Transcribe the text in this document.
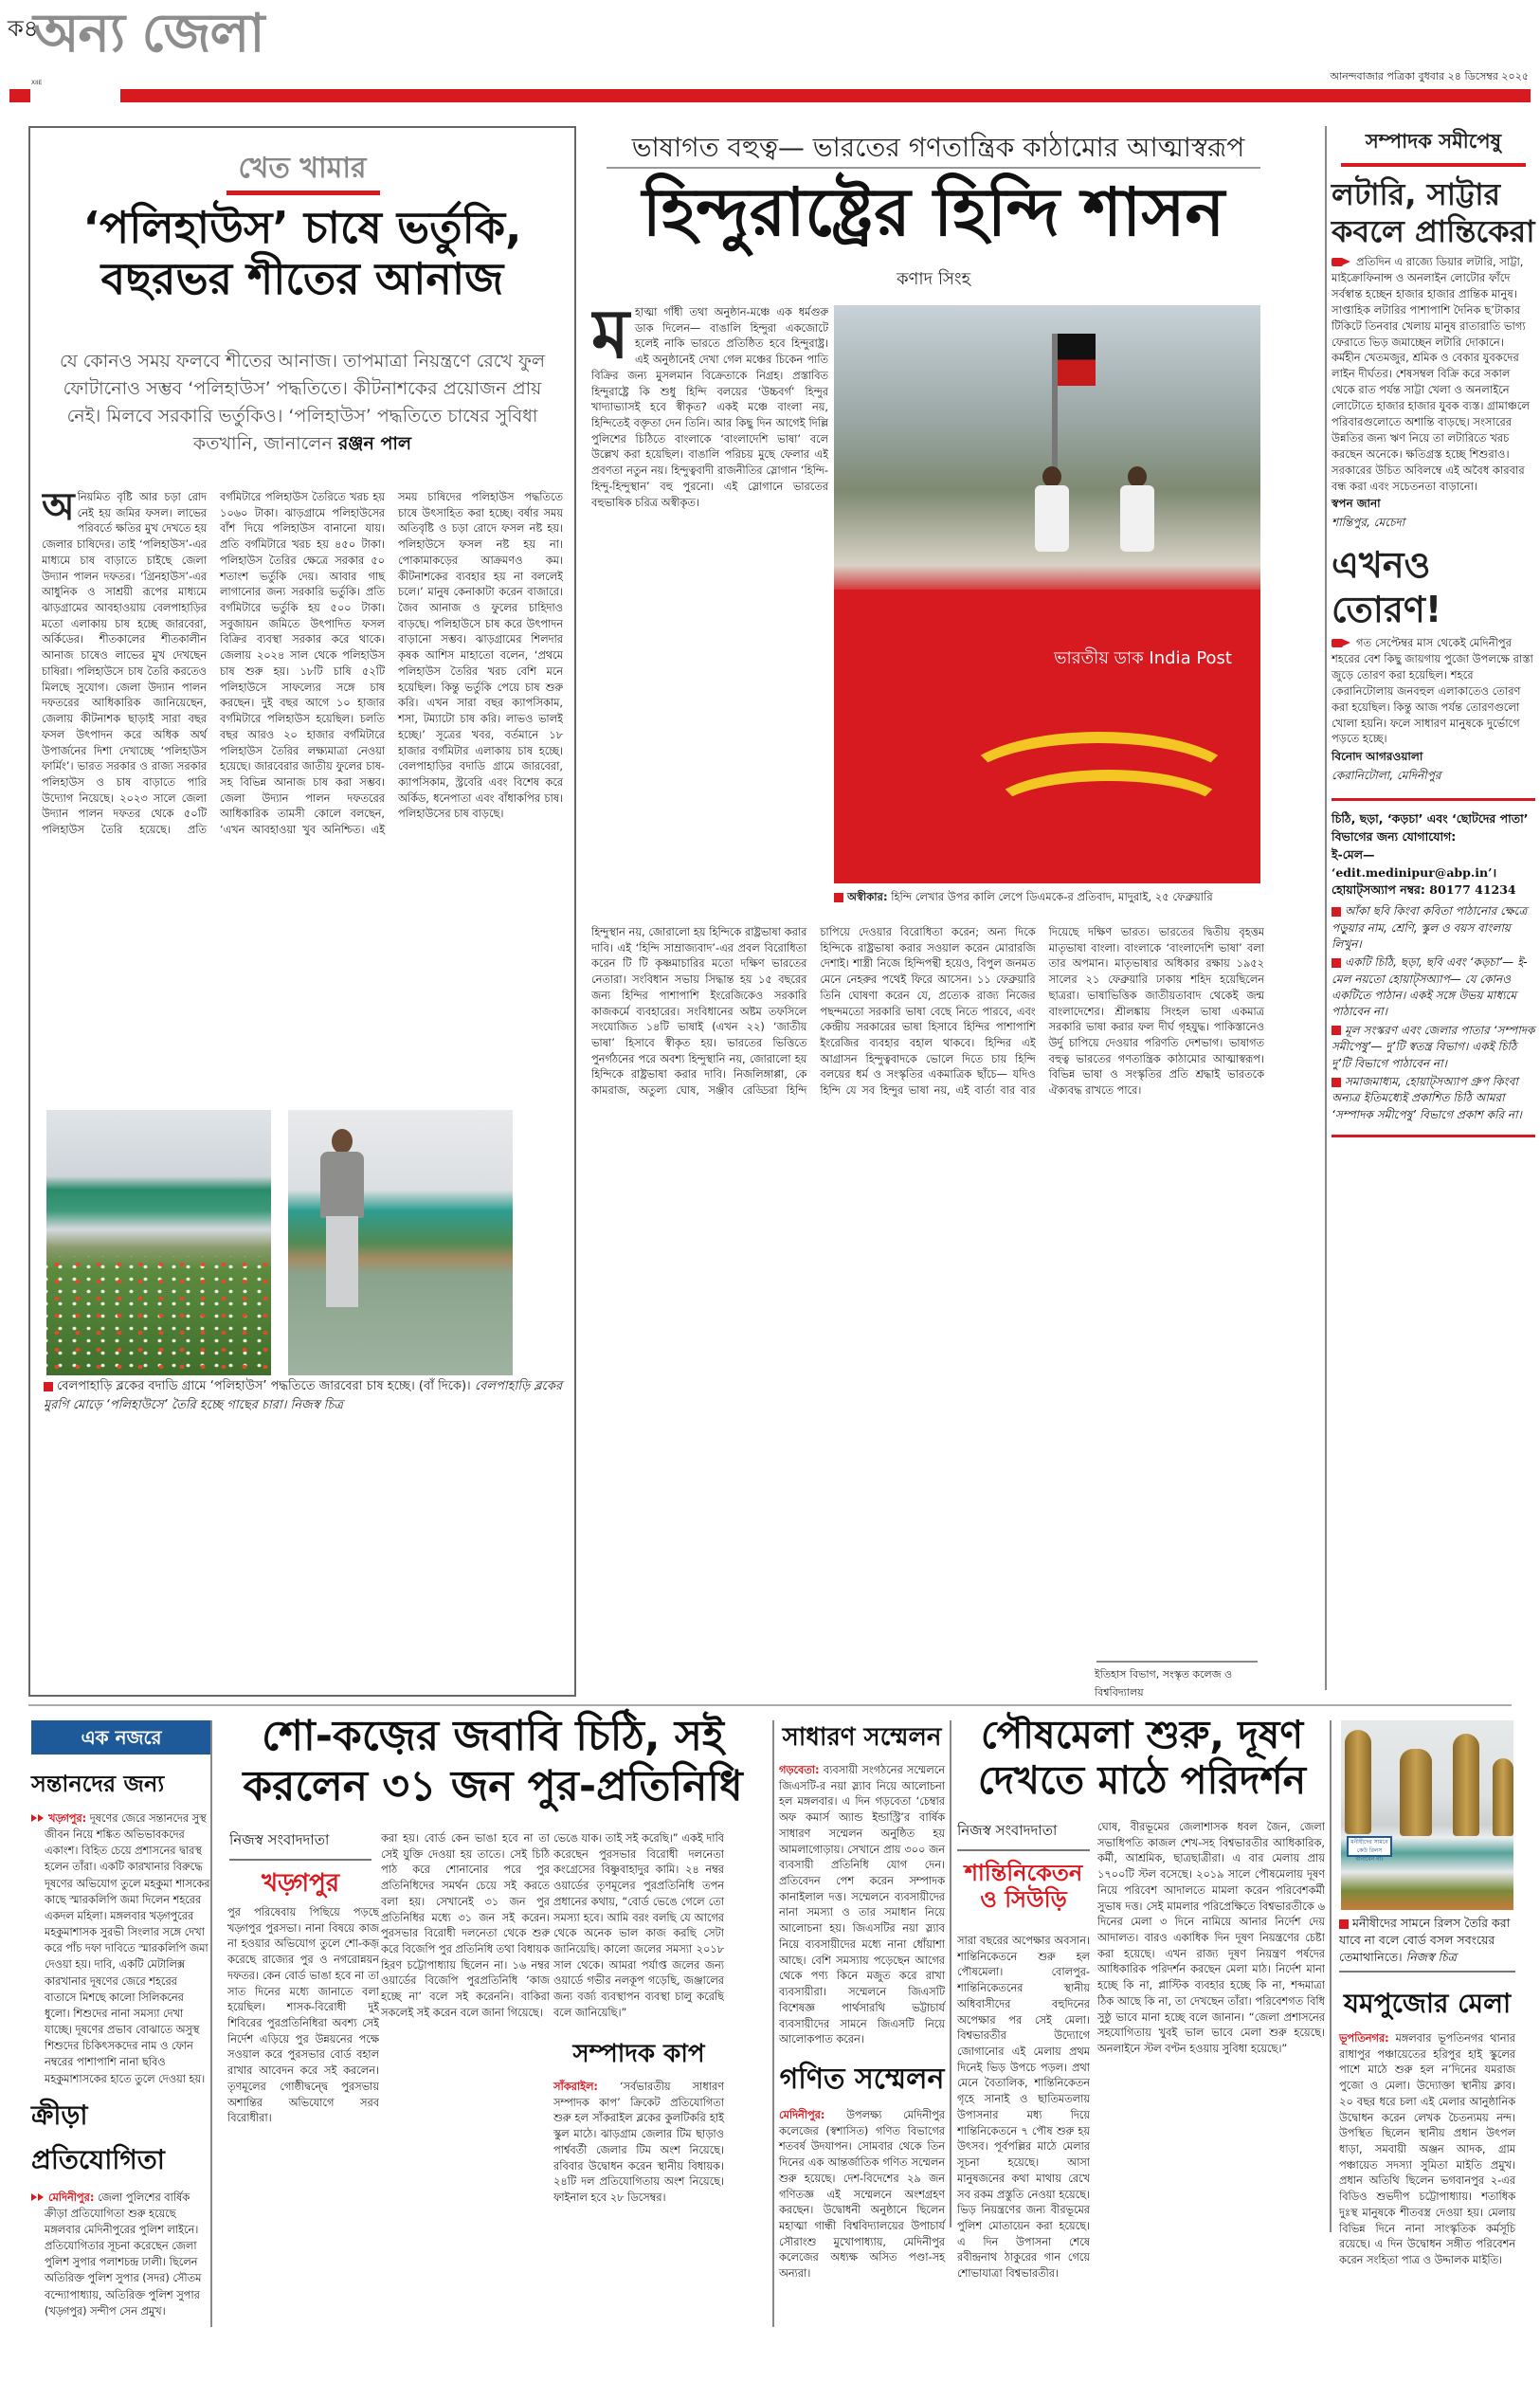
ক৪
XIIE
অন্য জেলা
আনন্দবাজার পত্রিকা বুধবার ২৪ ডিসেম্বর ২০২৫
খেত খামার
‘পলিহাউস’ চাষে ভর্তুকি, বছরভর শীতের আনাজ
যে কোনও সময় ফলবে শীতের আনাজ। তাপমাত্রা নিয়ন্ত্রণে রেখে ফুল ফোটানোও সম্ভব ‘পলিহাউস’ পদ্ধতিতে। কীটনাশকের প্রয়োজন প্রায় নেই। মিলবে সরকারি ভর্তুকিও। ‘পলিহাউস’ পদ্ধতিতে চাষের সুবিধা কতখানি, জানালেন রঞ্জন পাল
অনিয়মিত বৃষ্টি আর চড়া রোদ নেই হয় জমির ফসল। লাভের পরিবর্তে ক্ষতির মুখ দেখতে হয় জেলার চাষিদের। তাই ‘পলিহাউস’-এর মাধ্যমে চাষ বাড়াতে চাইছে জেলা উদ্যান পালন দফতর। ‘গ্রিনহাউস’-এর আধুনিক ও সাশ্রয়ী রূপের মাধ্যমে ঝাড়গ্রামের আবহাওয়ায় বেলপাহাড়ির মতো এলাকায় চাষ হচ্ছে জারবেরা, অর্কিডের। শীতকালের শীতকালীন আনাজ চাষেও লাভের মুখ দেখছেন চাষিরা। পলিহাউসে চাষ তৈরি করতেও মিলছে সুযোগ। জেলা উদ্যান পালন দফতরের আধিকারিক জানিয়েছেন, জেলায় কীটনাশক ছাড়াই সারা বছর ফসল উৎপাদন করে অধিক অর্থ উপার্জনের দিশা দেখাচ্ছে ‘পলিহাউস ফার্মিং’। ভারত সরকার ও রাজ্য সরকার পলিহাউস ও চাষ বাড়াতে পারি উদ্যোগ নিয়েছে। ২০২৩ সালে জেলা উদ্যান পালন দফতর থেকে ৫০টি পলিহাউস তৈরি হয়েছে। প্রতি বর্গমিটারে পলিহাউস তৈরিতে খরচ হয় ১০৬০ টাকা। ঝাড়গ্রামে পলিহাউসের বাঁশ দিয়ে পলিহাউস বানানো যায়। প্রতি বর্গমিটারে খরচ হয় ৪৫০ টাকা। পলিহাউস তৈরির ক্ষেত্রে সরকার ৫০ শতাংশ ভর্তুকি দেয়। আবার গাছ লাগানোর জন্য সরকারি ভর্তুকি। প্রতি বর্গমিটারে ভর্তুকি হয় ৫০০ টাকা। সবুজায়ন জমিতে উৎপাদিত ফসল বিক্রির ব্যবস্থা সরকার করে থাকে। জেলায় ২০২৪ সাল থেকে পলিহাউস চাষ শুরু হয়। ১৮টি চাষি ৫২টি পলিহাউসে সাফল্যের সঙ্গে চাষ করছেন। দুই বছর আগে ১০ হাজার বর্গমিটারে পলিহাউস হয়েছিল। চলতি বছর আরও ২০ হাজার বর্গমিটারে পলিহাউস তৈরির লক্ষ্যমাত্রা নেওয়া হয়েছে। জারবেরার জাতীয় ফুলের চাষ-সহ বিভিন্ন আনাজ চাষ করা সম্ভব। জেলা উদ্যান পালন দফতরের আধিকারিক তামসী কোলে বলছেন, ‘এখন আবহাওয়া খুব অনিশ্চিত। এই সময় চাষিদের পলিহাউস পদ্ধতিতে চাষে উৎসাহিত করা হচ্ছে। বর্ষার সময় অতিবৃষ্টি ও চড়া রোদে ফসল নষ্ট হয়। পলিহাউসে ফসল নষ্ট হয় না। পোকামাকড়ের আক্রমণও কম। কীটনাশকের ব্যবহার হয় না বললেই চলে।’ মানুষ কেনাকাটা করেন বাজারে। জৈব আনাজ ও ফুলের চাহিদাও বাড়ছে। পলিহাউসে চাষ করে উৎপাদন বাড়ানো সম্ভব। ঝাড়গ্রামের শিলদার কৃষক আশিস মাহাতো বলেন, ‘প্রথমে পলিহাউস তৈরির খরচ বেশি মনে হয়েছিল। কিন্তু ভর্তুকি পেয়ে চাষ শুরু করি। এখন সারা বছর ক্যাপসিকাম, শসা, টম্যাটো চাষ করি। লাভও ভালই হচ্ছে।’ সূত্রের খবর, বর্তমানে ১৮ হাজার বর্গমিটার এলাকায় চাষ হচ্ছে। বেলপাহাড়ির বদাডি গ্রামে জারবেরা, ক্যাপসিকাম, স্ট্রবেরি এবং বিশেষ করে অর্কিড, ধনেপাতা এবং বাঁধাকপির চাষ। পলিহাউসের চাষ বাড়ছে।
বেলপাহাড়ি ব্লকের বদাডি গ্রামে ‘পলিহাউস’ পদ্ধতিতে জারবেরা চাষ হচ্ছে। (বাঁ দিকে)। বেলপাহাড়ি ব্লকের মুরগি মোড়ে ‘পলিহাউসে’ তৈরি হচ্ছে গাছের চারা। নিজস্ব চিত্র
ভাষাগত বহুত্ব— ভারতের গণতান্ত্রিক কাঠামোর আত্মাস্বরূপ
হিন্দুরাষ্ট্রের হিন্দি শাসন
কণাদ সিংহ
মহাত্মা গাঁধী তথা অনুষ্ঠান-মঞ্চে এক ধর্মগুরু ডাক দিলেন— বাঙালি হিন্দুরা একজোটে হলেই নাকি ভারতে প্রতিষ্ঠিত হবে হিন্দুরাষ্ট্র। এই অনুষ্ঠানেই দেখা গেল মঞ্চের চিকেন পাতি বিক্রির জন্য মুসলমান বিক্রেতাকে নিগ্রহ। প্রস্তাবিত হিন্দুরাষ্ট্রে কি শুধু হিন্দি বলয়ের ‘উচ্চবর্গ’ হিন্দুর খাদ্যাভ্যাসই হবে স্বীকৃত? একই মঞ্চে বাংলা নয়, হিন্দিতেই বক্তৃতা দেন তিনি। আর কিছু দিন আগেই দিল্লি পুলিশের চিঠিতে বাংলাকে ‘বাংলাদেশি ভাষা’ বলে উল্লেখ করা হয়েছিল। বাঙালি পরিচয় মুছে ফেলার এই প্রবণতা নতুন নয়। হিন্দুত্ববাদী রাজনীতির স্লোগান ‘হিন্দি-হিন্দু-হিন্দুস্থান’ বহু পুরনো। এই স্লোগানে ভারতের বহুভাষিক চরিত্র অস্বীকৃত।
ভারতীয় ডাক India Post
অস্বীকার: হিন্দি লেখার উপর কালি লেপে ডিএমকে-র প্রতিবাদ, মাদুরাই, ২৫ ফেব্রুয়ারি
হিন্দুস্থান নয়, জোরালো হয় হিন্দিকে রাষ্ট্রভাষা করার দাবি। এই ‘হিন্দি সাম্রাজ্যবাদ’-এর প্রবল বিরোধিতা করেন টি টি কৃষ্ণমাচারির মতো দক্ষিণ ভারতের নেতারা। সংবিধান সভায় সিদ্ধান্ত হয় ১৫ বছরের জন্য হিন্দির পাশাপাশি ইংরেজিকেও সরকারি কাজকর্মে ব্যবহারের। সংবিধানের অষ্টম তফসিলে সংযোজিত ১৪টি ভাষাই (এখন ২২) ‘জাতীয় ভাষা’ হিসাবে স্বীকৃত হয়। ভারতের ভিত্তিতে পুনর্গঠনের পরে অবশ্য হিন্দুস্থানি নয়, জোরালো হয় হিন্দিকে রাষ্ট্রভাষা করার দাবি। নিজলিঙ্গাপ্পা, কে কামরাজ, অতুল্য ঘোষ, সঞ্জীব রেড্ডিরা হিন্দি চাপিয়ে দেওয়ার বিরোধিতা করেন; অন্য দিকে হিন্দিকে রাষ্ট্রভাষা করার সওয়াল করেন মোরারজি দেশাই। শাস্ত্রী নিজে হিন্দিপন্থী হয়েও, বিপুল জনমত মেনে নেহরুর পথেই ফিরে আসেন। ১১ ফেব্রুয়ারি তিনি ঘোষণা করেন যে, প্রত্যেক রাজ্য নিজের পছন্দমতো সরকারি ভাষা বেছে নিতে পারবে, এবং কেন্দ্রীয় সরকারের ভাষা হিসাবে হিন্দির পাশাপাশি ইংরেজির ব্যবহার বহাল থাকবে। হিন্দির এই আগ্রাসন হিন্দুত্ববাদকে ভোলে দিতে চায় হিন্দি বলয়ের ধর্ম ও সংস্কৃতির একমাত্রিক ছাঁচে— যদিও হিন্দি যে সব হিন্দুর ভাষা নয়, এই বার্তা বার বার দিয়েছে দক্ষিণ ভারত। ভারতের দ্বিতীয় বৃহত্তম মাতৃভাষা বাংলা। বাংলাকে ‘বাংলাদেশি ভাষা’ বলা তার অপমান। মাতৃভাষার অধিকার রক্ষায় ১৯৫২ সালের ২১ ফেব্রুয়ারি ঢাকায় শহিদ হয়েছিলেন ছাত্ররা। ভাষাভিত্তিক জাতীয়তাবাদ থেকেই জন্ম বাংলাদেশের। শ্রীলঙ্কায় সিংহল ভাষা একমাত্র সরকারি ভাষা করার ফল দীর্ঘ গৃহযুদ্ধ। পাকিস্তানেও উর্দু চাপিয়ে দেওয়ার পরিণতি দেশভাগ। ভাষাগত বহুত্ব ভারতের গণতান্ত্রিক কাঠামোর আত্মাস্বরূপ। বিভিন্ন ভাষা ও সংস্কৃতির প্রতি শ্রদ্ধাই ভারতকে ঐক্যবদ্ধ রাখতে পারে।
ইতিহাস বিভাগ, সংস্কৃত কলেজ ও বিশ্ববিদ্যালয়
সম্পাদক সমীপেষু
লটারি, সাট্টার কবলে প্রান্তিকেরা

প্রতিদিন এ রাজ্যে ডিয়ার লটারি, সাট্টা, মাইক্রোফিনান্স ও অনলাইন লোটোর ফাঁদে সর্বস্বান্ত হচ্ছেন হাজার হাজার প্রান্তিক মানুষ। সাপ্তাহিক লটারির পাশাপাশি দৈনিক ছ’টাকার টিকিটে তিনবার খেলায় মানুষ রাতারাতি ভাগ্য ফেরাতে ভিড় জমাচ্ছেন লটারি দোকানে। কর্মহীন খেতমজুর, শ্রমিক ও বেকার যুবকদের লাইন দীর্ঘতর। শেষসম্বল বিক্রি করে সকাল থেকে রাত পর্যন্ত সাট্টা খেলা ও অনলাইনে লোটোতে হাজার হাজার যুবক ব্যস্ত। গ্রামাঞ্চলে পরিবারগুলোতে অশান্তি বাড়ছে। সংসারের উন্নতির জন্য ঋণ নিয়ে তা লটারিতে খরচ করছেন অনেকে। ক্ষতিগ্রস্ত হচ্ছে শিশুরাও। সরকারের উচিত অবিলম্বে এই অবৈধ কারবার বন্ধ করা এবং সচেতনতা বাড়ানো।

স্বপন জানা
শান্তিপুর, মেচেদা
এখনও তোরণ!

গত সেপ্টেম্বর মাস থেকেই মেদিনীপুর শহরের বেশ কিছু জায়গায় পুজো উপলক্ষে রাস্তা জুড়ে তোরণ করা হয়েছিল। শহরে কেরানিটোলায় জনবহুল এলাকাতেও তোরণ করা হয়েছিল। কিন্তু আজ পর্যন্ত তোরণগুলো খোলা হয়নি। ফলে সাধারণ মানুষকে দুর্ভোগে পড়তে হচ্ছে।

বিনোদ আগরওয়ালা
কেরানিটোলা, মেদিনীপুর
চিঠি, ছড়া, ‘কড়চা’ এবং ‘ছোটদের পাতা’ বিভাগের জন্য যোগাযোগ:
ই-মেল— ‘edit.medinipur@abp.in’।
হোয়াট্‌সঅ্যাপ নম্বর: 80177 41234

আঁকা ছবি কিংবা কবিতা পাঠানোর ক্ষেত্রে পড়ুয়ার নাম, শ্রেণি, স্কুল ও বয়স বাংলায় লিখুন।

একটি চিঠি, ছড়া, ছবি এবং ‘কড়চা’— ই-মেল নয়তো হোয়াট্‌সঅ্যাপ— যে কোনও একটিতে পাঠান। একই সঙ্গে উভয় মাধ্যমে পাঠাবেন না।

মূল সংস্করণ এবং জেলার পাতার ‘সম্পাদক সমীপেষু’— দু’টি স্বতন্ত্র বিভাগ। একই চিঠি দু’টি বিভাগে পাঠাবেন না।

সমাজমাধ্যম, হোয়াট্‌সঅ্যাপ গ্রুপ কিংবা অন্যত্র ইতিমধ্যেই প্রকাশিত চিঠি আমরা ‘সম্পাদক সমীপেষু’ বিভাগে প্রকাশ করি না।

এক নজরে
সন্তানদের জন্য

খড়্গপুর: দূষণের জেরে সন্তানদের সুস্থ জীবন নিয়ে শঙ্কিত অভিভাবকদের একাংশ। বিহিত চেয়ে প্রশাসনের দ্বারস্থ হলেন তাঁরা। একটি কারখানার বিরুদ্ধে দূষণের অভিযোগ তুলে মহকুমা শাসকের কাছে স্মারকলিপি জমা দিলেন শহরের একদল মহিলা। মঙ্গলবার খড়্গপুরের মহকুমাশাসক সুরভী সিংলার সঙ্গে দেখা করে পাঁচ দফা দাবিতে স্মারকলিপি জমা দেওয়া হয়। দাবি, একটি মেটালিক্স কারখানার দূষণের জেরে শহরের বাতাসে মিশছে কালো সিলিকনের ধুলো। শিশুদের নানা সমস্যা দেখা যাচ্ছে। দূষণের প্রভাব বোঝাতে অসুস্থ শিশুদের চিকিৎসকদের নাম ও ফোন নম্বরের পাশাপাশি নানা ছবিও মহকুমাশাসকের হাতে তুলে দেওয়া হয়।

ক্রীড়া প্রতিযোগিতা

মেদিনীপুর: জেলা পুলিশের বার্ষিক ক্রীড়া প্রতিযোগিতা শুরু হয়েছে মঙ্গলবার মেদিনীপুরের পুলিশ লাইনে। প্রতিযোগিতার সূচনা করেছেন জেলা পুলিশ সুপার পলাশচন্দ্র ঢালী। ছিলেন অতিরিক্ত পুলিশ সুপার (সদর) সৌতম বন্দ্যোপাধ্যায়, অতিরিক্ত পুলিশ সুপার (খড়্গপুর) সন্দীপ সেন প্রমুখ।

শো-কজ়ের জবাবি চিঠি, সই করলেন ৩১ জন পুর-প্রতিনিধি
নিজস্ব সংবাদদাতা
খড়্গপুর
পুর পরিষেবায় পিছিয়ে পড়ছে খড়্গপুর পুরসভা। নানা বিষয়ে কাজ না হওয়ার অভিযোগ তুলে শো-কজ় করেছে রাজ্যের পুর ও নগরোন্নয়ন দফতর। কেন বোর্ড ভাঙা হবে না তা সাত দিনের মধ্যে জানাতে বলা হয়েছিল। শাসক-বিরোধী দুই শিবিরের পুরপ্রতিনিধিরা অবশ্য সেই নির্দেশ এড়িয়ে পুর উন্নয়নের পক্ষে সওয়াল করে পুরসভার বোর্ড বহাল রাখার আবেদন করে সই করলেন। তৃণমূলের গোষ্ঠীদ্বন্দ্বে পুরসভায় অশান্তির অভিযোগে সরব বিরোধীরা।
করা হয়। বোর্ড কেন ভাঙা হবে না তা সেই যুক্তি দেওয়া হয় তাতে। সেই চিঠি পাঠ করে শোনানোর পরে পুর প্রতিনিধিদের সমর্থন চেয়ে সই করতে বলা হয়। সেখানেই ৩১ জন পুর প্রতিনিধির মধ্যে ৩১ জন সই করেন। পুরসভার বিরোধী দলনেতা থেকে শুরু করে বিজেপি পুর প্রতিনিধি তথা বিধায়ক হিরণ চট্টোপাধ্যায় ছিলেন না। ১৬ নম্বর ওয়ার্ডের বিজেপি পুরপ্রতিনিধি ‘কাজ হচ্ছে না’ বলে সই করেননি। বাকিরা সকলেই সই করেন বলে জানা গিয়েছে।
ভেঙে যাক। তাই সই করেছি।” একই দাবি করেছেন পুরসভার বিরোধী দলনেতা কংগ্রেসের বিষ্ণুবাহাদুর কামি। ২৪ নম্বর ওয়ার্ডের তৃণমূলের পুরপ্রতিনিধি তপন প্রধানের কথায়, “বোর্ড ভেঙে গেলে তো সমস্যা হবে। আমি বরং বলছি যে আগের থেকে অনেক ভাল কাজ করছি সেটা জানিয়েছি। কালো জলের সমস্যা ২০১৮ সাল থেকে। আমরা পর্যাপ্ত জলের জন্য ওয়ার্ডে গভীর নলকূপ গড়েছি, জঞ্জালের জন্য বর্জ্য ব্যবস্থাপন ব্যবস্থা চালু করেছি বলে জানিয়েছি।”
সম্পাদক কাপ

সাঁকরাইল: ‘সর্বভারতীয় সাধারণ সম্পাদক কাপ’ ক্রিকেট প্রতিযোগিতা শুরু হল সাঁকরাইল ব্লকের কুলটিকরি হাই স্কুল মাঠে। ঝাড়গ্রাম জেলার টিম ছাড়াও পার্শ্ববর্তী জেলার টিম অংশ নিয়েছে। রবিবার উদ্বোধন করেন স্থানীয় বিধায়ক। ২৪টি দল প্রতিযোগিতায় অংশ নিয়েছে। ফাইনাল হবে ২৮ ডিসেম্বর।

সাধারণ সম্মেলন

গড়বেতা: ব্যবসায়ী সংগঠনের সম্মেলনে জিএসটি-র নয়া স্ল্যাব নিয়ে আলোচনা হল মঙ্গলবার। এ দিন গড়বেতা ‘চেম্বার অফ কমার্স অ্যান্ড ইন্ডাস্ট্রি’র বার্ষিক সাধারণ সম্মেলন অনুষ্ঠিত হয় আমলাগোড়ায়। সেখানে প্রায় ৩০০ জন ব্যবসায়ী প্রতিনিধি যোগ দেন। প্রতিবেদন পেশ করেন সম্পাদক কানাইলাল দত্ত। সম্মেলনে ব্যবসায়ীদের নানা সমস্যা ও তার সমাধান নিয়ে আলোচনা হয়। জিএসটির নয়া স্ল্যাব নিয়ে ব্যবসায়ীদের মধ্যে নানা ধোঁয়াশা আছে। বেশি সমস্যায় পড়েছেন আগের থেকে পণ্য কিনে মজুত করে রাখা ব্যবসায়ীরা। সম্মেলনে জিএসটি বিশেষজ্ঞ পার্থসারথি ভট্টাচার্য ব্যবসায়ীদের সামনে জিএসটি নিয়ে আলোকপাত করেন।

গণিত সম্মেলন

মেদিনীপুর: উপলক্ষ্য মেদিনীপুর কলেজের (স্বশাসিত) গণিত বিভাগের শতবর্ষ উদযাপন। সোমবার থেকে তিন দিনের এক আন্তর্জাতিক গণিত সম্মেলন শুরু হয়েছে। দেশ-বিদেশের ২৯ জন গণিতজ্ঞ এই সম্মেলনে অংশগ্রহণ করছেন। উদ্বোধনী অনুষ্ঠানে ছিলেন মহাত্মা গান্ধী বিশ্ববিদ্যালয়ের উপাচার্য সৌরাংশু মুখোপাধ্যায়, মেদিনীপুর কলেজের অধ্যক্ষ অসিত পণ্ডা-সহ অন্যরা।

পৌষমেলা শুরু, দূষণ দেখতে মাঠে পরিদর্শন
নিজস্ব সংবাদদাতা
শান্তিনিকেতন ও সিউড়ি
সারা বছরের অপেক্ষার অবসান। শান্তিনিকেতনে শুরু হল পৌষমেলা। বোলপুর-শান্তিনিকেতনের স্থানীয় অধিবাসীদের বহুদিনের অপেক্ষার পর সেই মেলা। বিশ্বভারতীর উদ্যোগে জোগানোর এই মেলায় প্রথম দিনেই ভিড় উপচে পড়ল। প্রথা মেনে বৈতালিক, শান্তিনিকেতন গৃহে সানাই ও ছাতিমতলায় উপাসনার মধ্য দিয়ে শান্তিনিকেতনে ৭ পৌষ শুরু হয় উৎসব। পূর্বপল্লির মাঠে মেলার সূচনা হয়েছে। আসা মানুষজনের কথা মাথায় রেখে সব রকম প্রস্তুতি নেওয়া হয়েছে। ভিড় নিয়ন্ত্রণের জন্য বীরভূমের পুলিশ মোতায়েন করা হয়েছে। এ দিন উপাসনা শেষে রবীন্দ্রনাথ ঠাকুরের গান গেয়ে শোভাযাত্রা বিশ্বভারতীর।
ঘোষ, বীরভূমের জেলাশাসক ধবল জৈন, জেলা সভাধিপতি কাজল শেখ-সহ বিশ্বভারতীর আধিকারিক, কর্মী, আশ্রমিক, ছাত্রছাত্রীরা। এ বার মেলায় প্রায় ১৭০০টি স্টল বসেছে। ২০১৯ সালে পৌষমেলায় দূষণ নিয়ে পরিবেশ আদালতে মামলা করেন পরিবেশকর্মী সুভাষ দত্ত। সেই মামলার পরিপ্রেক্ষিতে বিশ্বভারতীকে ৬ দিনের মেলা ৩ দিনে নামিয়ে আনার নির্দেশ দেয় আদালত। বারও একাধিক দিন দূষণ নিয়ন্ত্রণের চেষ্টা করা হয়েছে। এখন রাজ্য দূষণ নিয়ন্ত্রণ পর্ষদের আধিকারিক পরিদর্শন করছেন মেলা মাঠ। নির্দেশ মানা হচ্ছে কি না, প্লাস্টিক ব্যবহার হচ্ছে কি না, শব্দমাত্রা ঠিক আছে কি না, তা দেখছেন তাঁরা। পরিবেশগত বিধি সুষ্ঠু ভাবে মানা হচ্ছে বলে জানান। “জেলা প্রশাসনের সহযোগিতায় খুবই ভাল ভাবে মেলা শুরু হয়েছে। অনলাইনে স্টল বণ্টন হওয়ায় সুবিধা হয়েছে।”
মনীষীদের সামনে কেউ রিলস বানাবেন না।
মনীষীদের সামনে রিলস তৈরি করা যাবে না বলে বোর্ড বসল সবংয়ের তেমাথানিতে। নিজস্ব চিত্র
যমপুজোর মেলা

ভূপতিনগর: মঙ্গলবার ভূপতিনগর থানার রাধাপুর পঞ্চায়েতের হরিপুর হাই স্কুলের পাশে মাঠে শুরু হল ন’দিনের যমরাজ পুজো ও মেলা। উদ্যোক্তা স্থানীয় ক্লাব। ২০ বছর ধরে চলা এই মেলার আনুষ্ঠানিক উদ্বোধন করেন লেখক চৈতন্যময় নন্দ। উপস্থিত ছিলেন স্থানীয় প্রধান উৎপল ধাড়া, সমবায়ী অঞ্জন আদক, গ্রাম পঞ্চায়েত সদস্যা সুমিতা মাইতি প্রমুখ। প্রধান অতিথি ছিলেন ভগবানপুর ২-এর বিডিও শুভদীপ চট্টোপাধ্যায়। শতাধিক দুঃস্থ মানুষকে শীতবস্ত্র দেওয়া হয়। মেলায় বিভিন্ন দিনে নানা সাংস্কৃতিক কর্মসূচি রয়েছে। এ দিন উদ্বোধন সঙ্গীত পরিবেশন করেন সংহিতা পাত্র ও উদ্দালক মাইতি।
